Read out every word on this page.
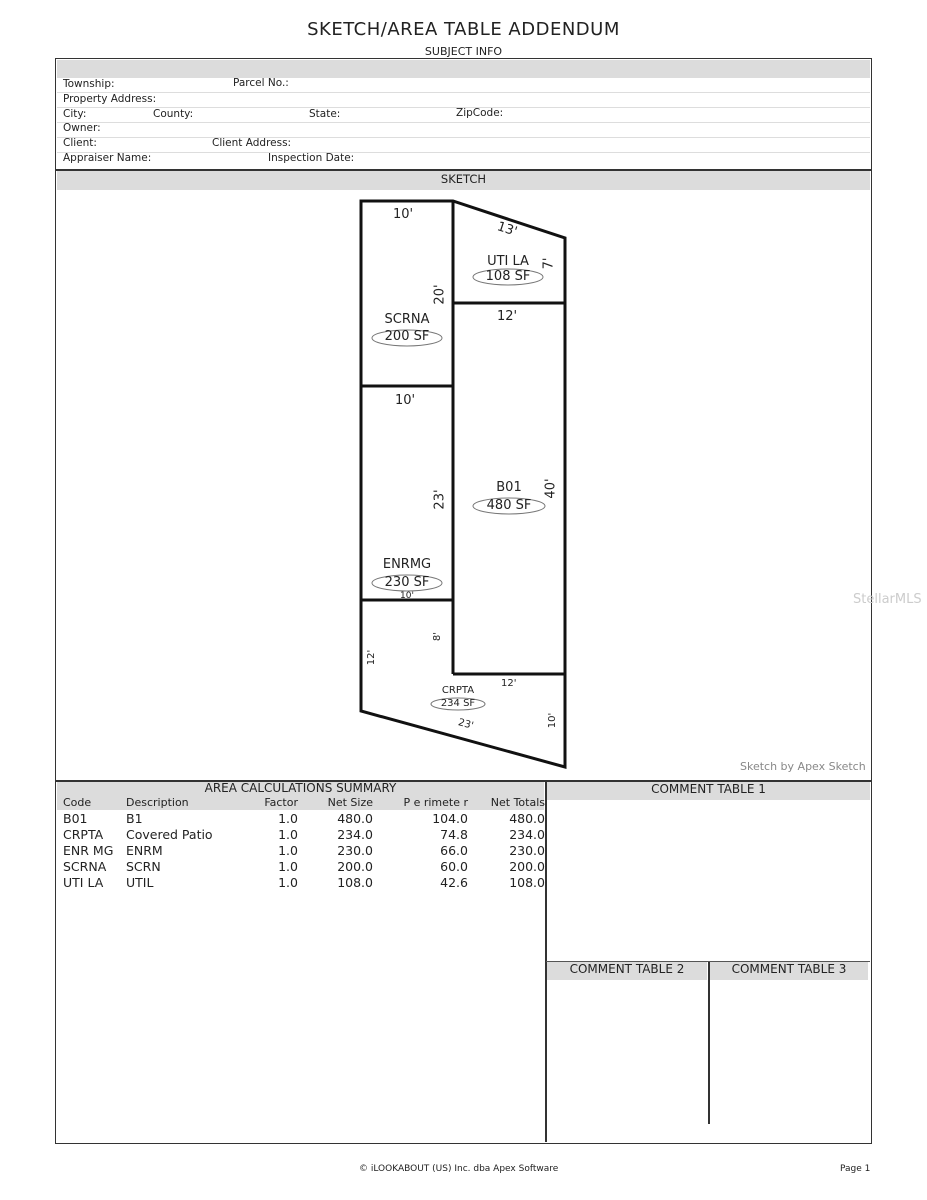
SKETCH/AREA TABLE ADDENDUM
SUBJECT INFO
Township:	Parcel No.:
Property Address:
City:	County:	State:	ZipCode:
Owner:
Client:	Client Address:
Appraiser Name:	Inspection Date:
SKETCH
SCRNA
200 SF
UTI LA
108 SF
B01
480 SF
ENRMG
230 SF
CRPTA
234 SF
10'
13'
7'
20'
12'
10'
23'
40'
10'
8'
12'
12'
10'
23'
Sketch by Apex Sketch
StellarMLS
AREA CALCULATIONS SUMMARY
Code	Description	Factor	Net Size	P e rimete r	Net Totals
B01	B1	1.0	480.0	104.0	480.0
CRPTA	Covered Patio	1.0	234.0	74.8	234.0
ENR MG	ENRM	1.0	230.0	66.0	230.0
SCRNA	SCRN	1.0	200.0	60.0	200.0
UTI LA	UTIL	1.0	108.0	42.6	108.0
COMMENT TABLE 1
COMMENT TABLE 2	COMMENT TABLE 3
© iLOOKABOUT (US) Inc. dba Apex Software	Page 1
